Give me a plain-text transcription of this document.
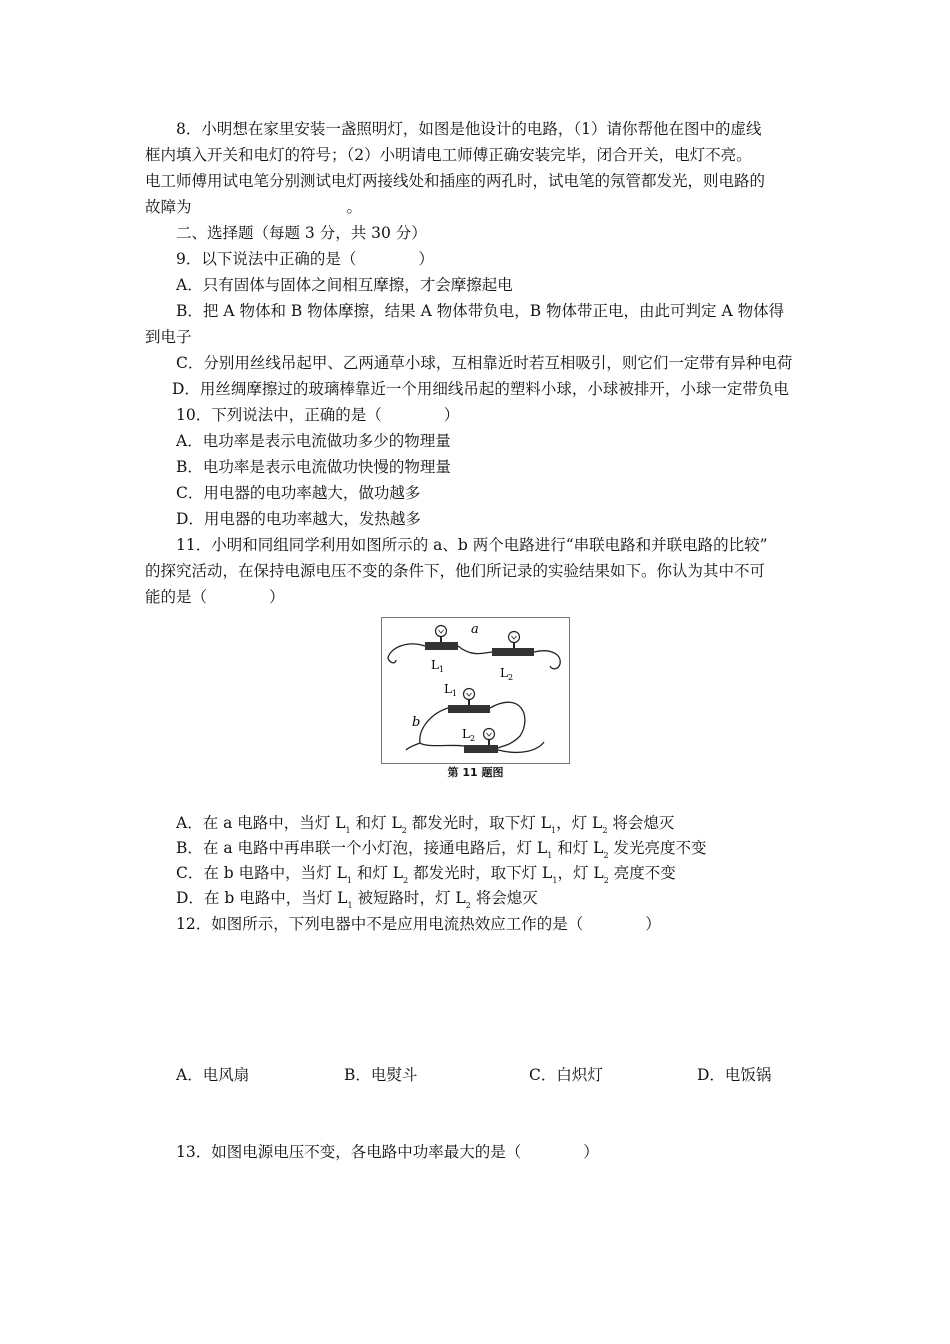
8．小明想在家里安装一盏照明灯，如图是他设计的电路，（1）请你帮他在图中的虚线
框内填入开关和电灯的符号；（2）小明请电工师傅正确安装完毕，闭合开关，电灯不亮。
电工师傅用试电笔分别测试电灯两接线处和插座的两孔时，试电笔的氖管都发光，则电路的
故障为　　　　　　　　　　。
二、选择题（每题 3 分，共 30 分）
9．以下说法中正确的是（　　　　）
A．只有固体与固体之间相互摩擦，才会摩擦起电
B．把 A 物体和 B 物体摩擦，结果 A 物体带负电，B 物体带正电，由此可判定 A 物体得
到电子
C．分别用丝线吊起甲、乙两通草小球，互相靠近时若互相吸引，则它们一定带有异种电荷
D．用丝绸摩擦过的玻璃棒靠近一个用细线吊起的塑料小球，小球被排开，小球一定带负电
10．下列说法中，正确的是（　　　　）
A．电功率是表示电流做功多少的物理量
B．电功率是表示电流做功快慢的物理量
C．用电器的电功率越大，做功越多
D．用电器的电功率越大，发热越多
11．小明和同组同学利用如图所示的 a、b 两个电路进行“串联电路和并联电路的比较”
的探究活动，在保持电源电压不变的条件下，他们所记录的实验结果如下。你认为其中不可
能的是（　　　　）
a
$L_1$	$L_2$
b
$L_1$
$L_2$
第 11 题图
A．在 a 电路中，当灯 $L_1$ 和灯 $L_2$ 都发光时，取下灯 $L_1$，灯 $L_2$ 将会熄灭
B．在 a 电路中再串联一个小灯泡，接通电路后，灯 $L_1$ 和灯 $L_2$ 发光亮度不变
C．在 b 电路中，当灯 $L_1$ 和灯 $L_2$ 都发光时，取下灯 $L_1$，灯 $L_2$ 亮度不变
D．在 b 电路中，当灯 $L_1$ 被短路时，灯 $L_2$ 将会熄灭
12．如图所示，下列电器中不是应用电流热效应工作的是（　　　　）
A．电风扇	B．电熨斗	C．白炽灯	D．电饭锅
13．如图电源电压不变，各电路中功率最大的是（　　　　）
